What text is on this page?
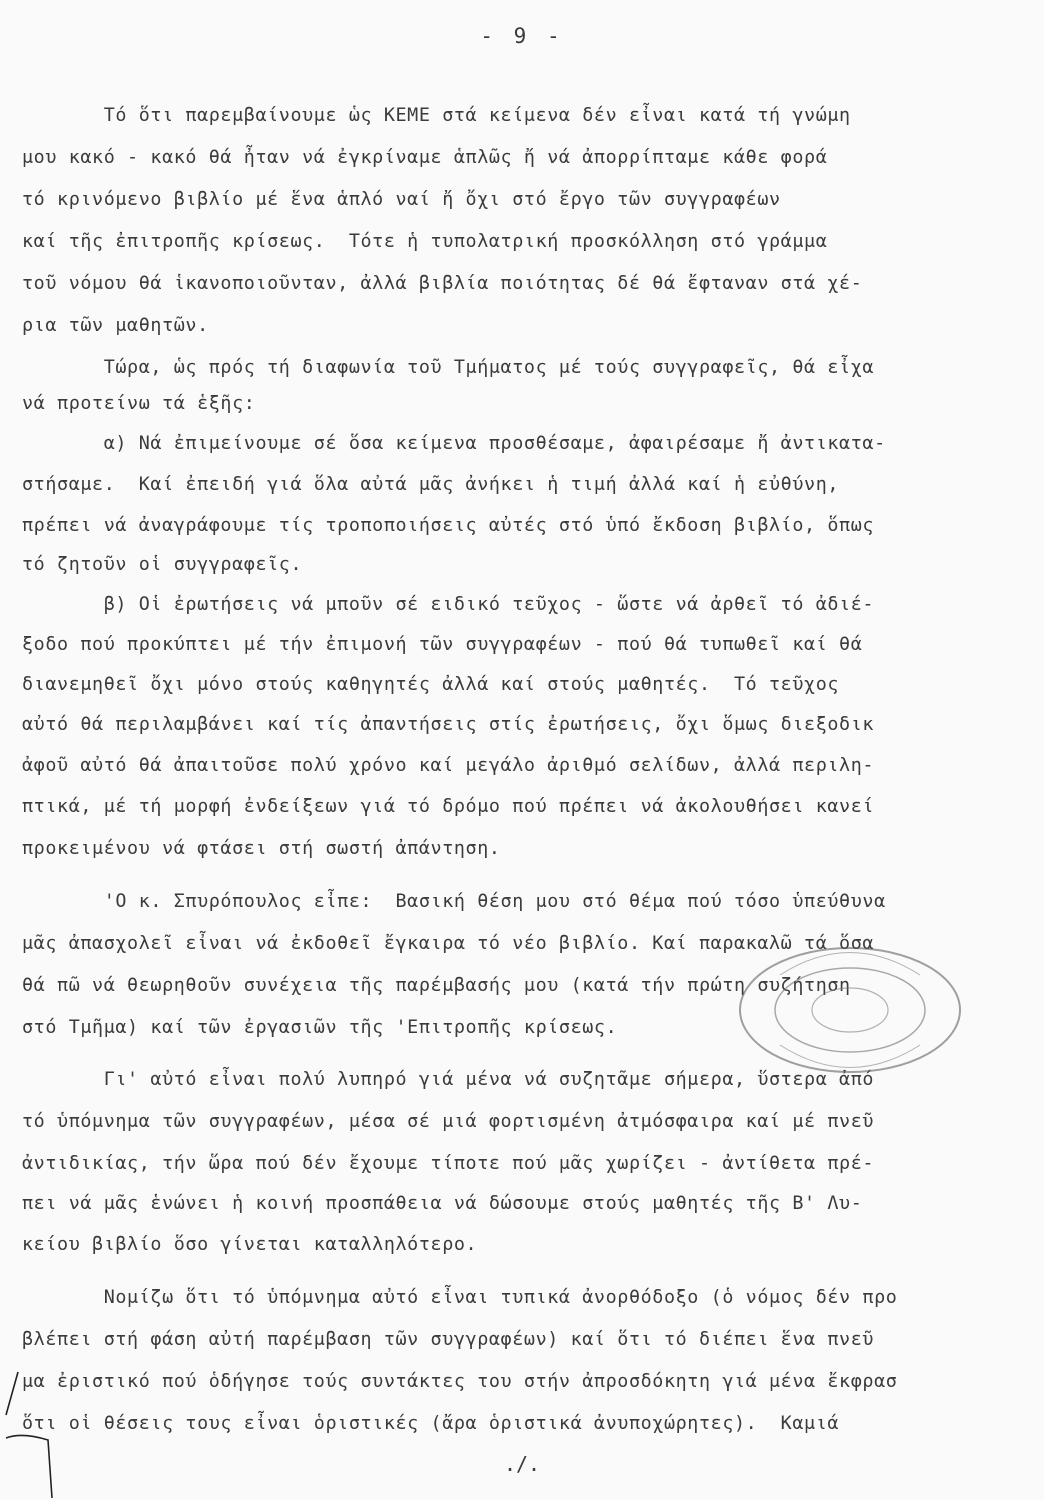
- 9 -
Τό ὅτι παρεμβαίνουμε ὡς ΚΕΜΕ στά κείμενα δέν εἶναι κατά τή γνώμη
μου κακό - κακό θά ἦταν νά ἐγκρίναμε ἁπλῶς ἤ νά ἀπορρίπταμε κάθε φορά
τό κρινόμενο βιβλίο μέ ἕνα ἁπλό ναί ἤ ὄχι στό ἔργο τῶν συγγραφέων
καί τῆς ἐπιτροπῆς κρίσεως.  Τότε ἡ τυπολατρική προσκόλληση στό γράμμα
τοῦ νόμου θά ἱκανοποιοῦνταν, ἀλλά βιβλία ποιότητας δέ θά ἔφταναν στά χέ-
ρια τῶν μαθητῶν.
Τώρα, ὡς πρός τή διαφωνία τοῦ Τμήματος μέ τούς συγγραφεῖς, θά εἶχα
νά προτείνω τά ἑξῆς:
α) Νά ἐπιμείνουμε σέ ὅσα κείμενα προσθέσαμε, ἀφαιρέσαμε ἤ ἀντικατα-
στήσαμε.  Καί ἐπειδή γιά ὅλα αὐτά μᾶς ἀνήκει ἡ τιμή ἀλλά καί ἡ εὐθύνη,
πρέπει νά ἀναγράφουμε τίς τροποποιήσεις αὐτές στό ὑπό ἔκδοση βιβλίο, ὅπως
τό ζητοῦν οἱ συγγραφεῖς.
β) Οἱ ἐρωτήσεις νά μποῦν σέ ειδικό τεῦχος - ὥστε νά ἀρθεῖ τό ἀδιέ-
ξοδο πού προκύπτει μέ τήν ἐπιμονή τῶν συγγραφέων - πού θά τυπωθεῖ καί θά
διανεμηθεῖ ὄχι μόνο στούς καθηγητές ἀλλά καί στούς μαθητές.  Τό τεῦχος
αὐτό θά περιλαμβάνει καί τίς ἀπαντήσεις στίς ἐρωτήσεις, ὄχι ὅμως διεξοδικ
ἀφοῦ αὐτό θά ἀπαιτοῦσε πολύ χρόνο καί μεγάλο ἀριθμό σελίδων, ἀλλά περιλη-
πτικά, μέ τή μορφή ἐνδείξεων γιά τό δρόμο πού πρέπει νά ἀκολουθήσει κανεί
προκειμένου νά φτάσει στή σωστή ἀπάντηση.
'Ο κ. Σπυρόπουλος εἶπε:  Βασική θέση μου στό θέμα πού τόσο ὑπεύθυνα
μᾶς ἀπασχολεῖ εἶναι νά ἐκδοθεῖ ἔγκαιρα τό νέο βιβλίο. Καί παρακαλῶ τά ὅσα
θά πῶ νά θεωρηθοῦν συνέχεια τῆς παρέμβασής μου (κατά τήν πρώτη συζήτηση
στό Τμῆμα) καί τῶν ἐργασιῶν τῆς 'Επιτροπῆς κρίσεως.
Γι' αὐτό εἶναι πολύ λυπηρό γιά μένα νά συζητᾶμε σήμερα, ὕστερα ἀπό
τό ὑπόμνημα τῶν συγγραφέων, μέσα σέ μιά φορτισμένη ἀτμόσφαιρα καί μέ πνεῦ
ἀντιδικίας, τήν ὥρα πού δέν ἔχουμε τίποτε πού μᾶς χωρίζει - ἀντίθετα πρέ-
πει νά μᾶς ἑνώνει ἡ κοινή προσπάθεια νά δώσουμε στούς μαθητές τῆς Β' Λυ-
κείου βιβλίο ὅσο γίνεται καταλληλότερο.
Νομίζω ὅτι τό ὑπόμνημα αὐτό εἶναι τυπικά ἀνορθόδοξο (ὁ νόμος δέν προ
βλέπει στή φάση αὐτή παρέμβαση τῶν συγγραφέων) καί ὅτι τό διέπει ἕνα πνεῦ
μα ἐριστικό πού ὁδήγησε τούς συντάκτες του στήν ἀπροσδόκητη γιά μένα ἔκφρασ
ὅτι οἱ θέσεις τους εἶναι ὁριστικές (ἄρα ὁριστικά ἀνυποχώρητες).  Καμιά
./.
